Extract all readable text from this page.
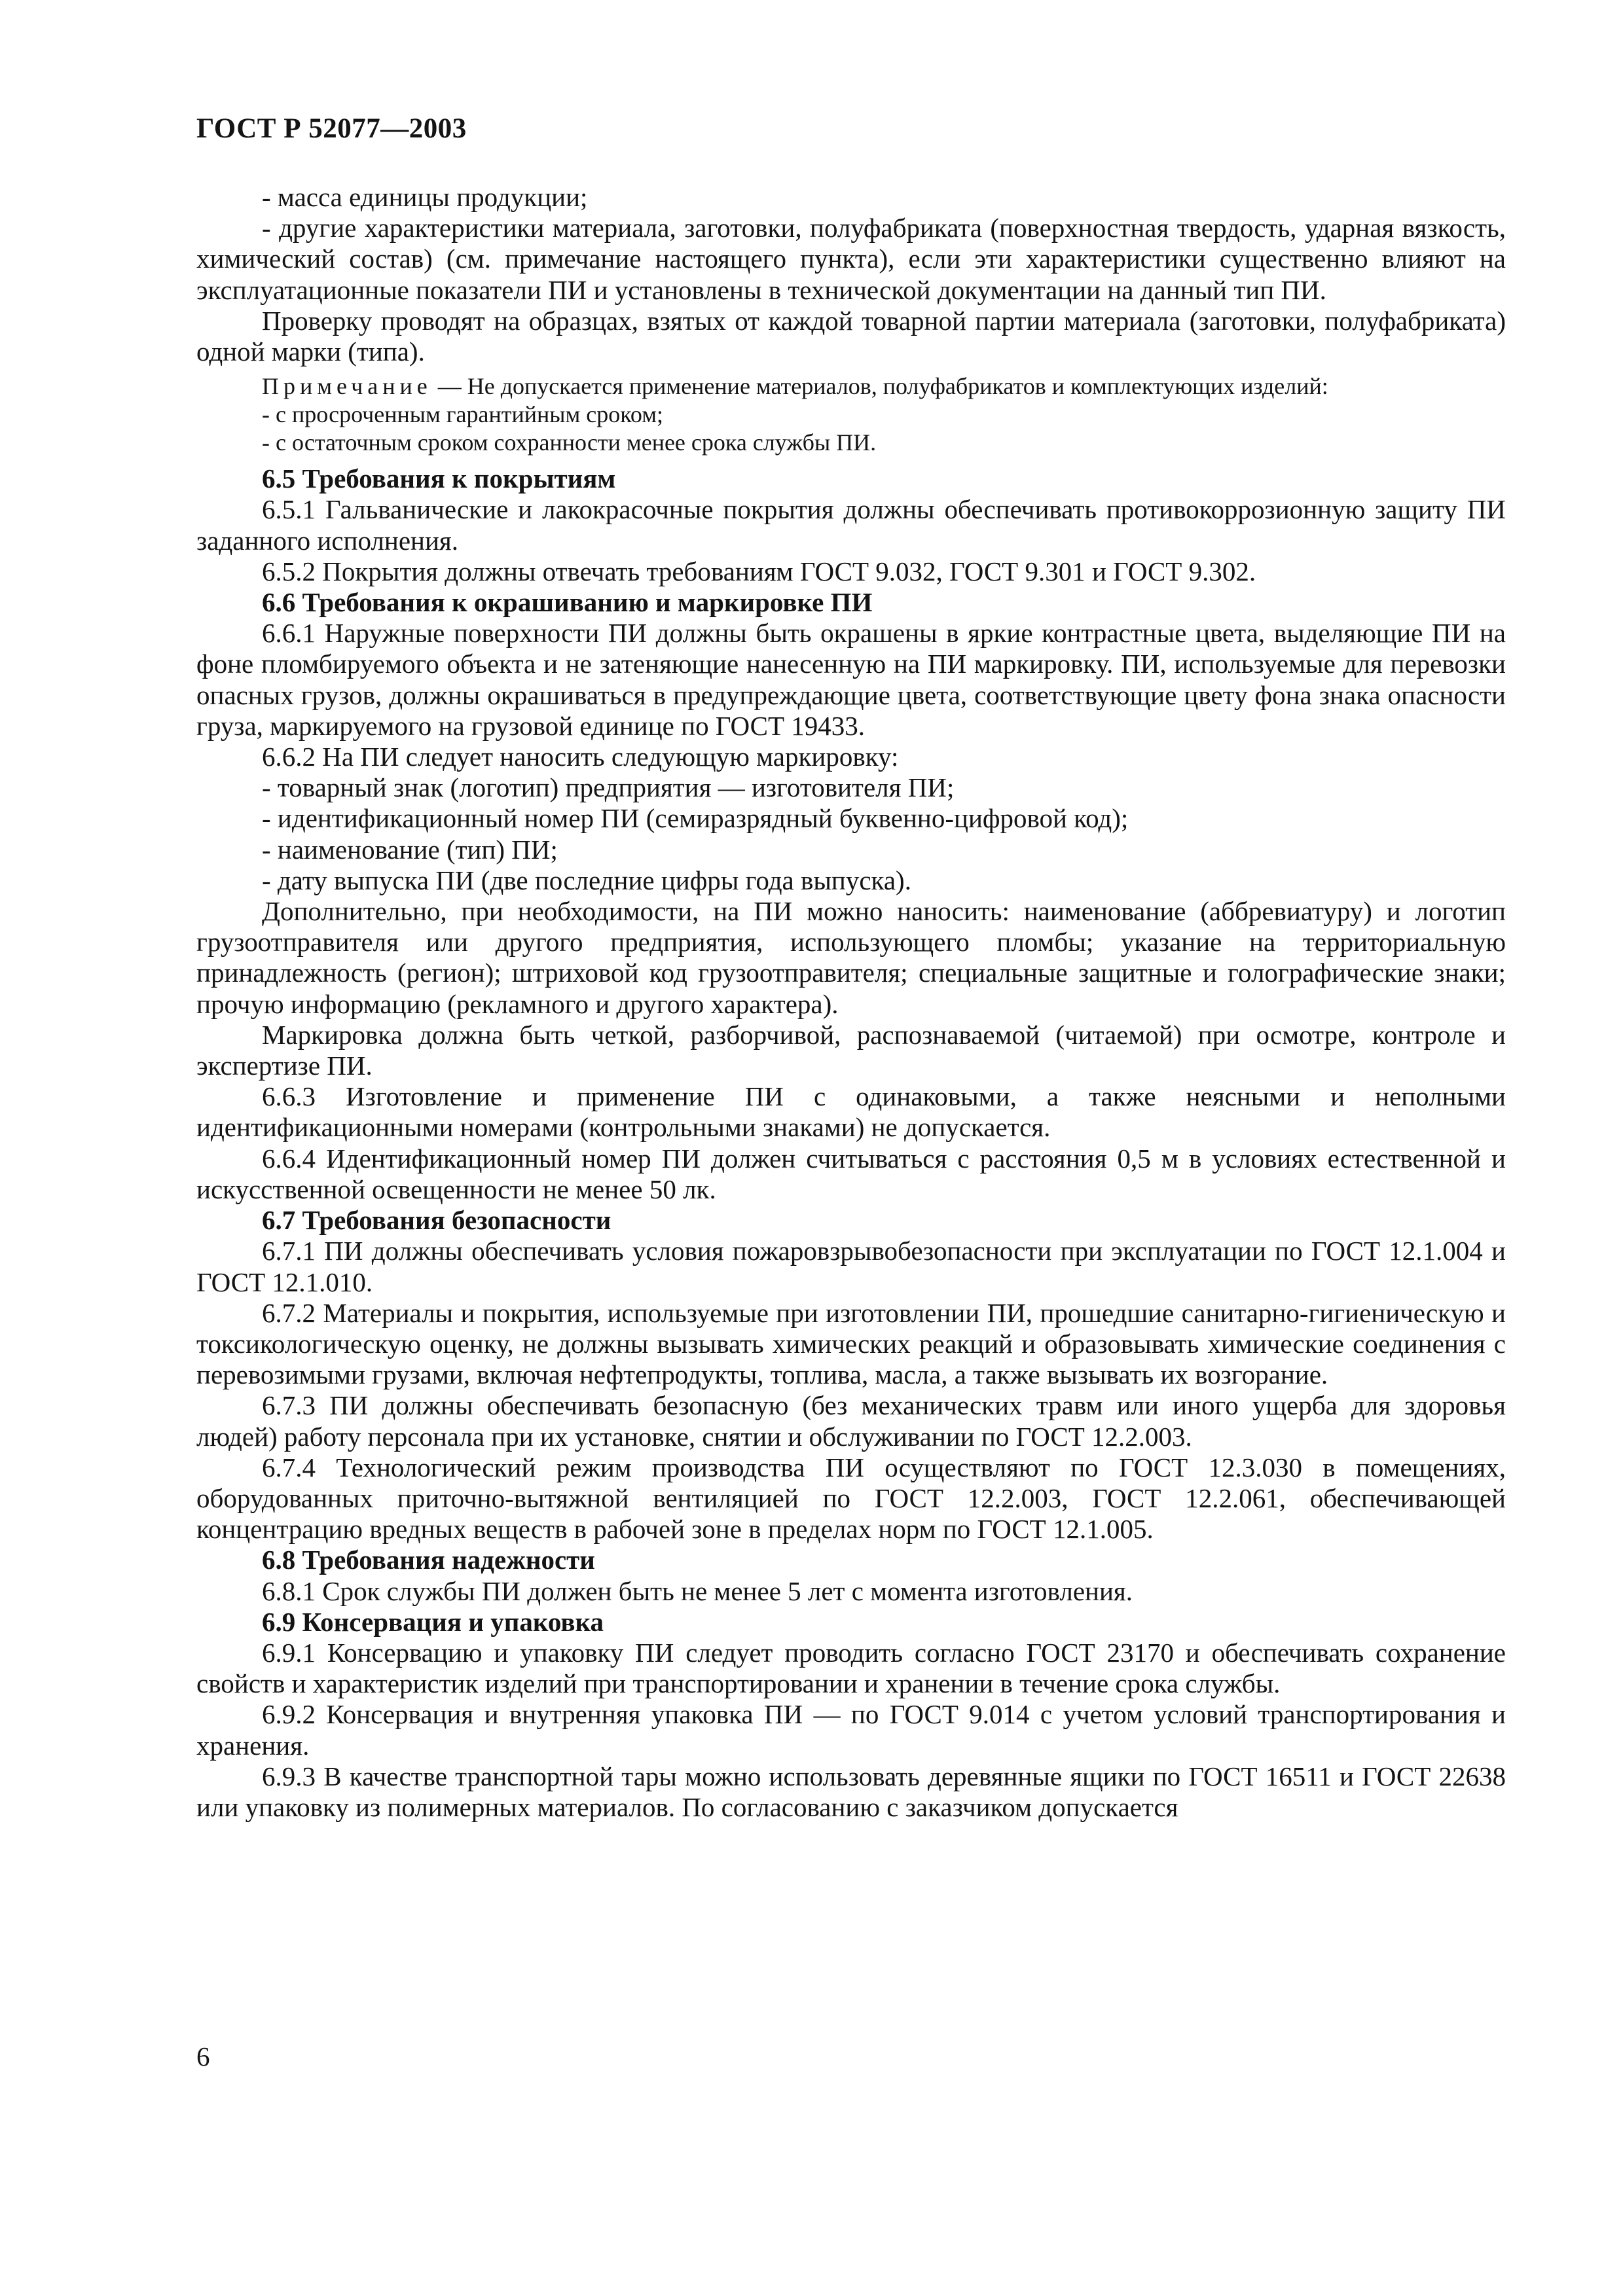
ГОСТ Р 52077—2003

- масса единицы продукции;

- другие характеристики материала, заготовки, полуфабриката (поверхностная твердость, ударная вязкость, химический состав) (см. примечание настоящего пункта), если эти характеристики существенно влияют на эксплуатационные показатели ПИ и установлены в технической документации на данный тип ПИ.

Проверку проводят на образцах, взятых от каждой товарной партии материала (заготовки, полуфабриката) одной марки (типа).

Примечание — Не допускается применение материалов, полуфабрикатов и комплектующих изделий:
- с просроченным гарантийным сроком;
- с остаточным сроком сохранности менее срока службы ПИ.

6.5 Требования к покрытиям

6.5.1 Гальванические и лакокрасочные покрытия должны обеспечивать противокоррозионную защиту ПИ заданного исполнения.

6.5.2 Покрытия должны отвечать требованиям ГОСТ 9.032, ГОСТ 9.301 и ГОСТ 9.302.

6.6 Требования к окрашиванию и маркировке ПИ

6.6.1 Наружные поверхности ПИ должны быть окрашены в яркие контрастные цвета, выделяющие ПИ на фоне пломбируемого объекта и не затеняющие нанесенную на ПИ маркировку. ПИ, используемые для перевозки опасных грузов, должны окрашиваться в предупреждающие цвета, соответствующие цвету фона знака опасности груза, маркируемого на грузовой единице по ГОСТ 19433.

6.6.2 На ПИ следует наносить следующую маркировку:

- товарный знак (логотип) предприятия — изготовителя ПИ;

- идентификационный номер ПИ (семиразрядный буквенно-цифровой код);

- наименование (тип) ПИ;

- дату выпуска ПИ (две последние цифры года выпуска).

Дополнительно, при необходимости, на ПИ можно наносить: наименование (аббревиатуру) и логотип грузоотправителя или другого предприятия, использующего пломбы; указание на территориальную принадлежность (регион); штриховой код грузоотправителя; специальные защитные и голографические знаки; прочую информацию (рекламного и другого характера).

Маркировка должна быть четкой, разборчивой, распознаваемой (читаемой) при осмотре, контроле и экспертизе ПИ.

6.6.3 Изготовление и применение ПИ с одинаковыми, а также неясными и неполными идентификационными номерами (контрольными знаками) не допускается.

6.6.4 Идентификационный номер ПИ должен считываться с расстояния 0,5 м в условиях естественной и искусственной освещенности не менее 50 лк.

6.7 Требования безопасности

6.7.1 ПИ должны обеспечивать условия пожаровзрывобезопасности при эксплуатации по ГОСТ 12.1.004 и ГОСТ 12.1.010.

6.7.2 Материалы и покрытия, используемые при изготовлении ПИ, прошедшие санитарно-гигиеническую и токсикологическую оценку, не должны вызывать химических реакций и образовывать химические соединения с перевозимыми грузами, включая нефтепродукты, топлива, масла, а также вызывать их возгорание.

6.7.3 ПИ должны обеспечивать безопасную (без механических травм или иного ущерба для здоровья людей) работу персонала при их установке, снятии и обслуживании по ГОСТ 12.2.003.

6.7.4 Технологический режим производства ПИ осуществляют по ГОСТ 12.3.030 в помещениях, оборудованных приточно-вытяжной вентиляцией по ГОСТ 12.2.003, ГОСТ 12.2.061, обеспечивающей концентрацию вредных веществ в рабочей зоне в пределах норм по ГОСТ 12.1.005.

6.8 Требования надежности

6.8.1 Срок службы ПИ должен быть не менее 5 лет с момента изготовления.

6.9 Консервация и упаковка

6.9.1 Консервацию и упаковку ПИ следует проводить согласно ГОСТ 23170 и обеспечивать сохранение свойств и характеристик изделий при транспортировании и хранении в течение срока службы.

6.9.2 Консервация и внутренняя упаковка ПИ — по ГОСТ 9.014 с учетом условий транспортирования и хранения.

6.9.3 В качестве транспортной тары можно использовать деревянные ящики по ГОСТ 16511 и ГОСТ 22638 или упаковку из полимерных материалов. По согласованию с заказчиком допускается

6
